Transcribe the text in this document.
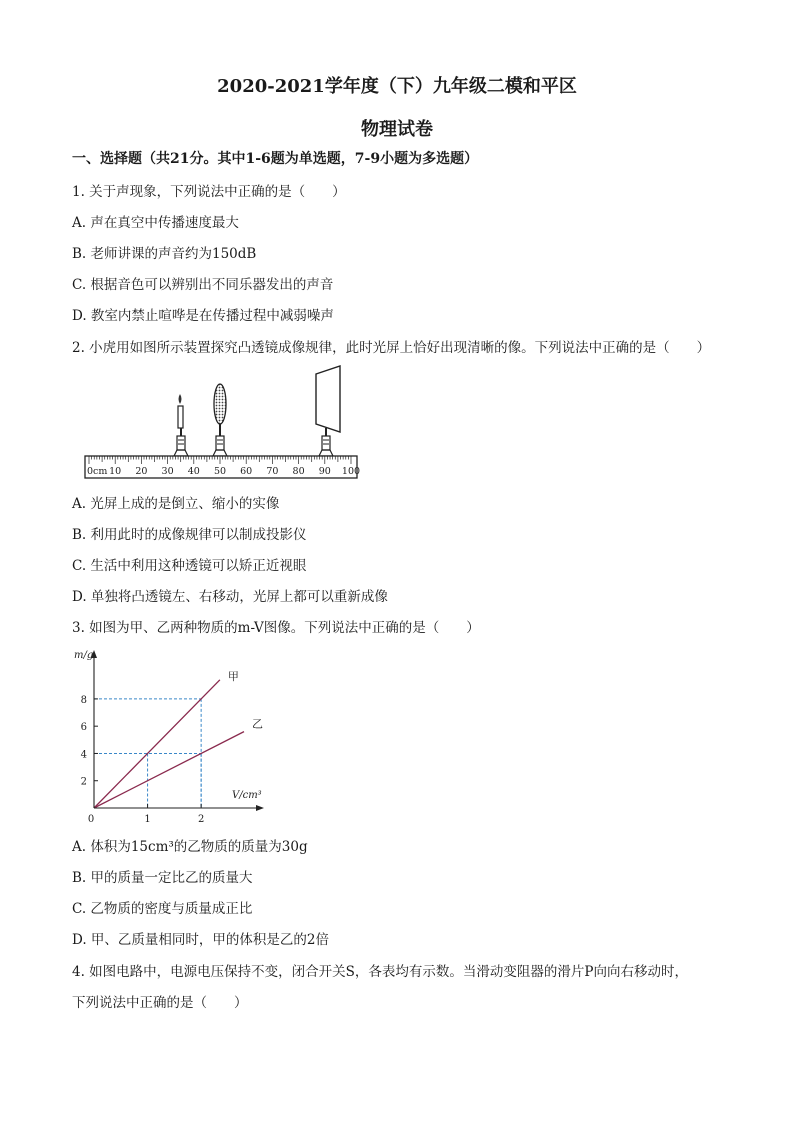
2020-2021学年度（下）九年级二模和平区
物理试卷
一、选择题（共21分。其中1-6题为单选题，7-9小题为多选题）
1. 关于声现象，下列说法中正确的是（　　）
A. 声在真空中传播速度最大
B. 老师讲课的声音约为150dB
C. 根据音色可以辨别出不同乐器发出的声音
D. 教室内禁止喧哗是在传播过程中减弱噪声
2. 小虎用如图所示装置探究凸透镜成像规律，此时光屏上恰好出现清晰的像。下列说法中正确的是（　　）
0cm 10 20 30 40 50 60 70 80 90 100
A. 光屏上成的是倒立、缩小的实像
B. 利用此时的成像规律可以制成投影仪
C. 生活中利用这种透镜可以矫正近视眼
D. 单独将凸透镜左、右移动，光屏上都可以重新成像
3. 如图为甲、乙两种物质的m-V图像。下列说法中正确的是（　　）
甲
乙
m/g
V/cm³
0	1	2
2
4
6
8
A. 体积为15cm³的乙物质的质量为30g
B. 甲的质量一定比乙的质量大
C. 乙物质的密度与质量成正比
D. 甲、乙质量相同时，甲的体积是乙的2倍
4. 如图电路中，电源电压保持不变，闭合开关S，各表均有示数。当滑动变阻器的滑片P向向右移动时，
下列说法中正确的是（　　）
